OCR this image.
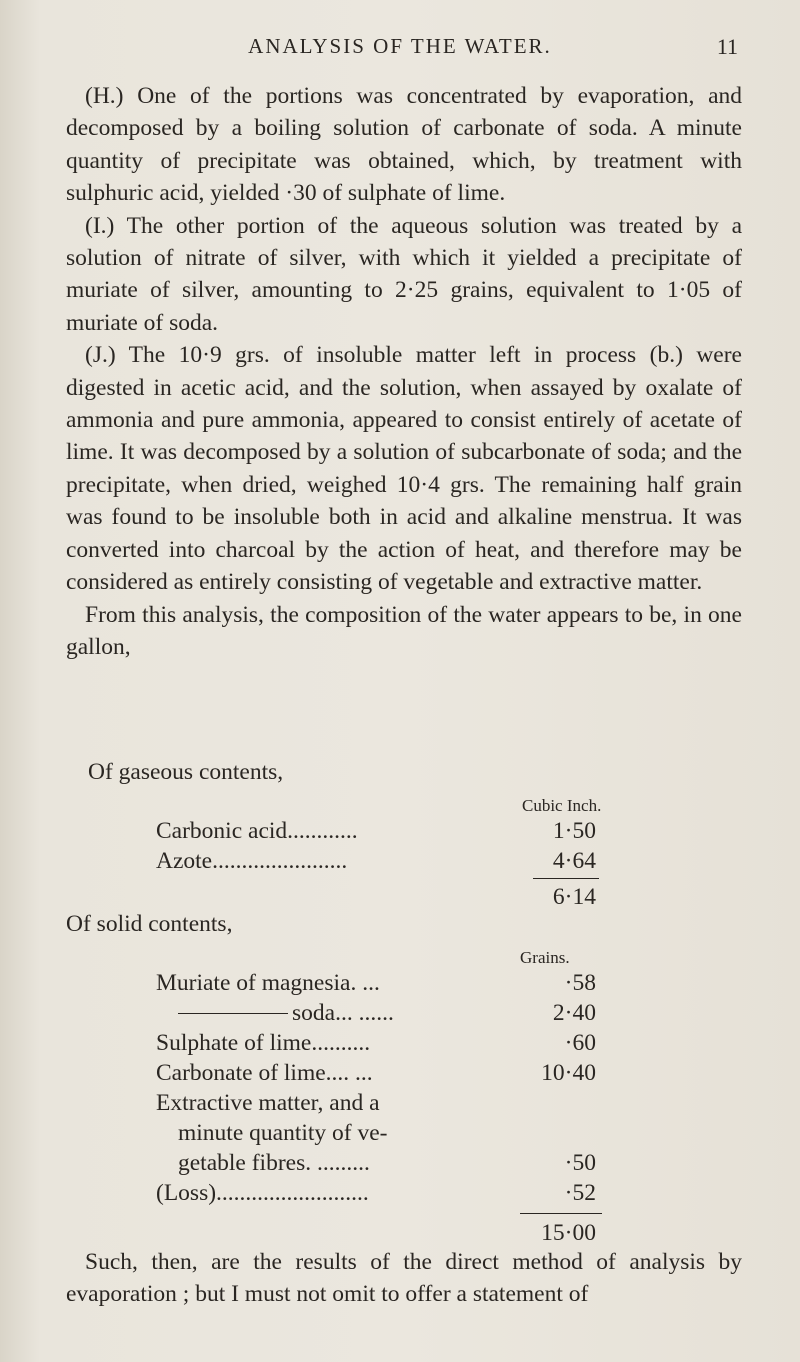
ANALYSIS OF THE WATER.	11

(H.) One of the portions was concentrated by evaporation, and decomposed by a boiling solution of carbonate of soda. A minute quantity of precipitate was obtained, which, by treatment with sulphuric acid, yielded ·30 of sulphate of lime.

(I.) The other portion of the aqueous solution was treated by a solution of nitrate of silver, with which it yielded a precipitate of muriate of silver, amounting to 2·25 grains, equivalent to 1·05 of muriate of soda.

(J.) The 10·9 grs. of insoluble matter left in process (b.) were digested in acetic acid, and the solution, when assayed by oxalate of ammonia and pure ammonia, appeared to consist entirely of acetate of lime. It was decomposed by a solution of subcarbonate of soda; and the precipitate, when dried, weighed 10·4 grs. The remaining half grain was found to be insoluble both in acid and alkaline menstrua. It was converted into charcoal by the action of heat, and therefore may be considered as entirely consisting of vegetable and extractive matter.

From this analysis, the composition of the water appears to be, in one gallon,

Of gaseous contents,
Cubic Inch.
Carbonic acid............	1·50
Azote.......................	4·64
6·14
Of solid contents,
Grains.
Muriate of magnesia. ...	·58
soda... ......	2·40
Sulphate of lime..........	·60
Carbonate of lime.... ...	10·40
Extractive matter, and a
minute quantity of ve-
getable fibres. .........	·50
(Loss)..........................	·52
15·00
Such, then, are the results of the direct method of analysis by evaporation ; but I must not omit to offer a statement of
